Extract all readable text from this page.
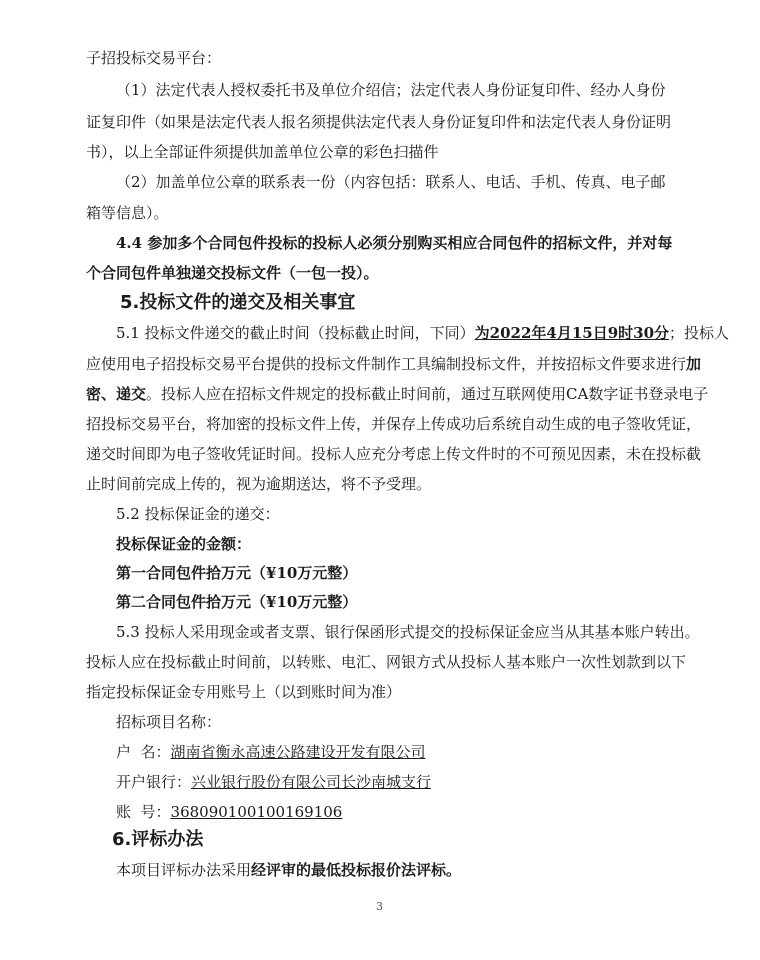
子招投标交易平台：
（1）法定代表人授权委托书及单位介绍信；法定代表人身份证复印件、经办人身份
证复印件（如果是法定代表人报名须提供法定代表人身份证复印件和法定代表人身份证明
书），以上全部证件须提供加盖单位公章的彩色扫描件
（2）加盖单位公章的联系表一份（内容包括：联系人、电话、手机、传真、电子邮
箱等信息）。
4.4 参加多个合同包件投标的投标人必须分别购买相应合同包件的招标文件，并对每
个合同包件单独递交投标文件（一包一投）。
5.投标文件的递交及相关事宜
5.1 投标文件递交的截止时间（投标截止时间，下同）为2022年4月15日9时30分；投标人
应使用电子招投标交易平台提供的投标文件制作工具编制投标文件，并按招标文件要求进行加
密、递交。投标人应在招标文件规定的投标截止时间前，通过互联网使用CA数字证书登录电子
招投标交易平台，将加密的投标文件上传，并保存上传成功后系统自动生成的电子签收凭证，
递交时间即为电子签收凭证时间。投标人应充分考虑上传文件时的不可预见因素，未在投标截
止时间前完成上传的，视为逾期送达，将不予受理。
5.2 投标保证金的递交：
投标保证金的金额：
第一合同包件拾万元（¥10万元整）
第二合同包件拾万元（¥10万元整）
5.3 投标人采用现金或者支票、银行保函形式提交的投标保证金应当从其基本账户转出。
投标人应在投标截止时间前，以转账、电汇、网银方式从投标人基本账户一次性划款到以下
指定投标保证金专用账号上（以到账时间为准）
招标项目名称：
户  名：湖南省衡永高速公路建设开发有限公司
开户银行：兴业银行股份有限公司长沙南城支行
账  号：368090100100169106
6.评标办法
本项目评标办法采用经评审的最低投标报价法评标。
3
